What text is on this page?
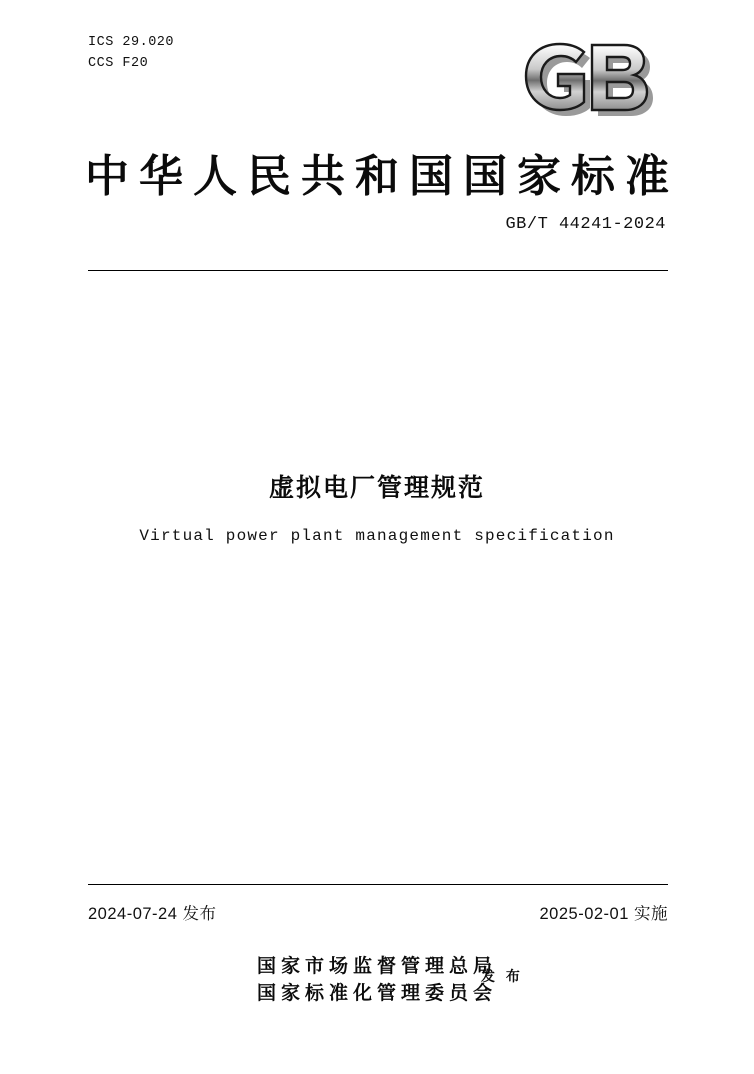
ICS 29.020
CCS F20
中华人民共和国国家标准
GB/T 44241-2024
虚拟电厂管理规范
Virtual power plant management specification
2024-07-24 发布	2025-02-01 实施
国家市场监督管理总局
国家标准化管理委员会
发 布
